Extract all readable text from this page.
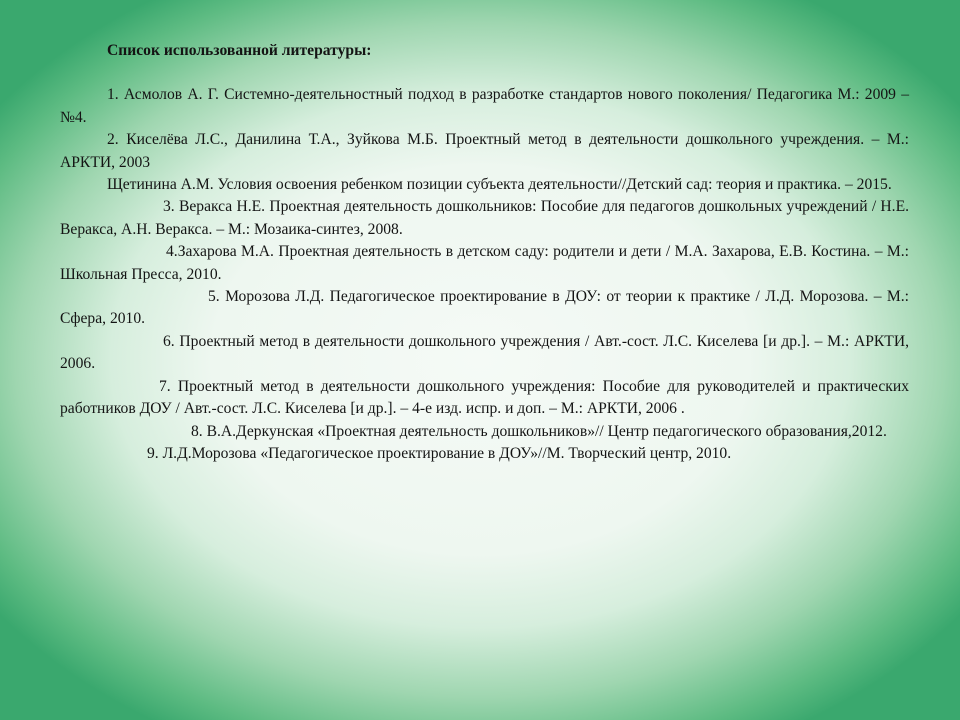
Список использованной литературы:

1. Асмолов А. Г. Системно-деятельностный подход в разработке стандартов нового поколения/ Педагогика М.: 2009 – №4.

2. Киселёва Л.С., Данилина Т.А., Зуйкова М.Б. Проектный метод в деятельности дошкольного учреждения. – М.: АРКТИ, 2003

Щетинина А.М. Условия освоения ребенком позиции субъекта деятельности//Детский сад: теория и практика. – 2015.

3. Веракса Н.Е. Проектная деятельность дошкольников: Пособие для педагогов дошкольных учреждений / Н.Е. Веракса, А.Н. Веракса. – М.: Мозаика-синтез, 2008.

4.Захарова М.А. Проектная деятельность в детском саду: родители и дети / М.А. Захарова, Е.В. Костина. – М.: Школьная Пресса, 2010.

5. Морозова Л.Д. Педагогическое проектирование в ДОУ: от теории к практике / Л.Д. Морозова. – М.: Сфера, 2010.

6. Проектный метод в деятельности дошкольного учреждения / Авт.-сост. Л.С. Киселева [и др.]. – М.: АРКТИ, 2006.

7. Проектный метод в деятельности дошкольного учреждения: Пособие для руководителей и практических работников ДОУ / Авт.-сост. Л.С. Киселева [и др.]. – 4-е изд. испр. и доп. – М.: АРКТИ, 2006 .

8. В.А.Деркунская «Проектная деятельность дошкольников»// Центр педагогического образования,2012.

9. Л.Д.Морозова «Педагогическое проектирование в ДОУ»//М. Творческий центр, 2010.
